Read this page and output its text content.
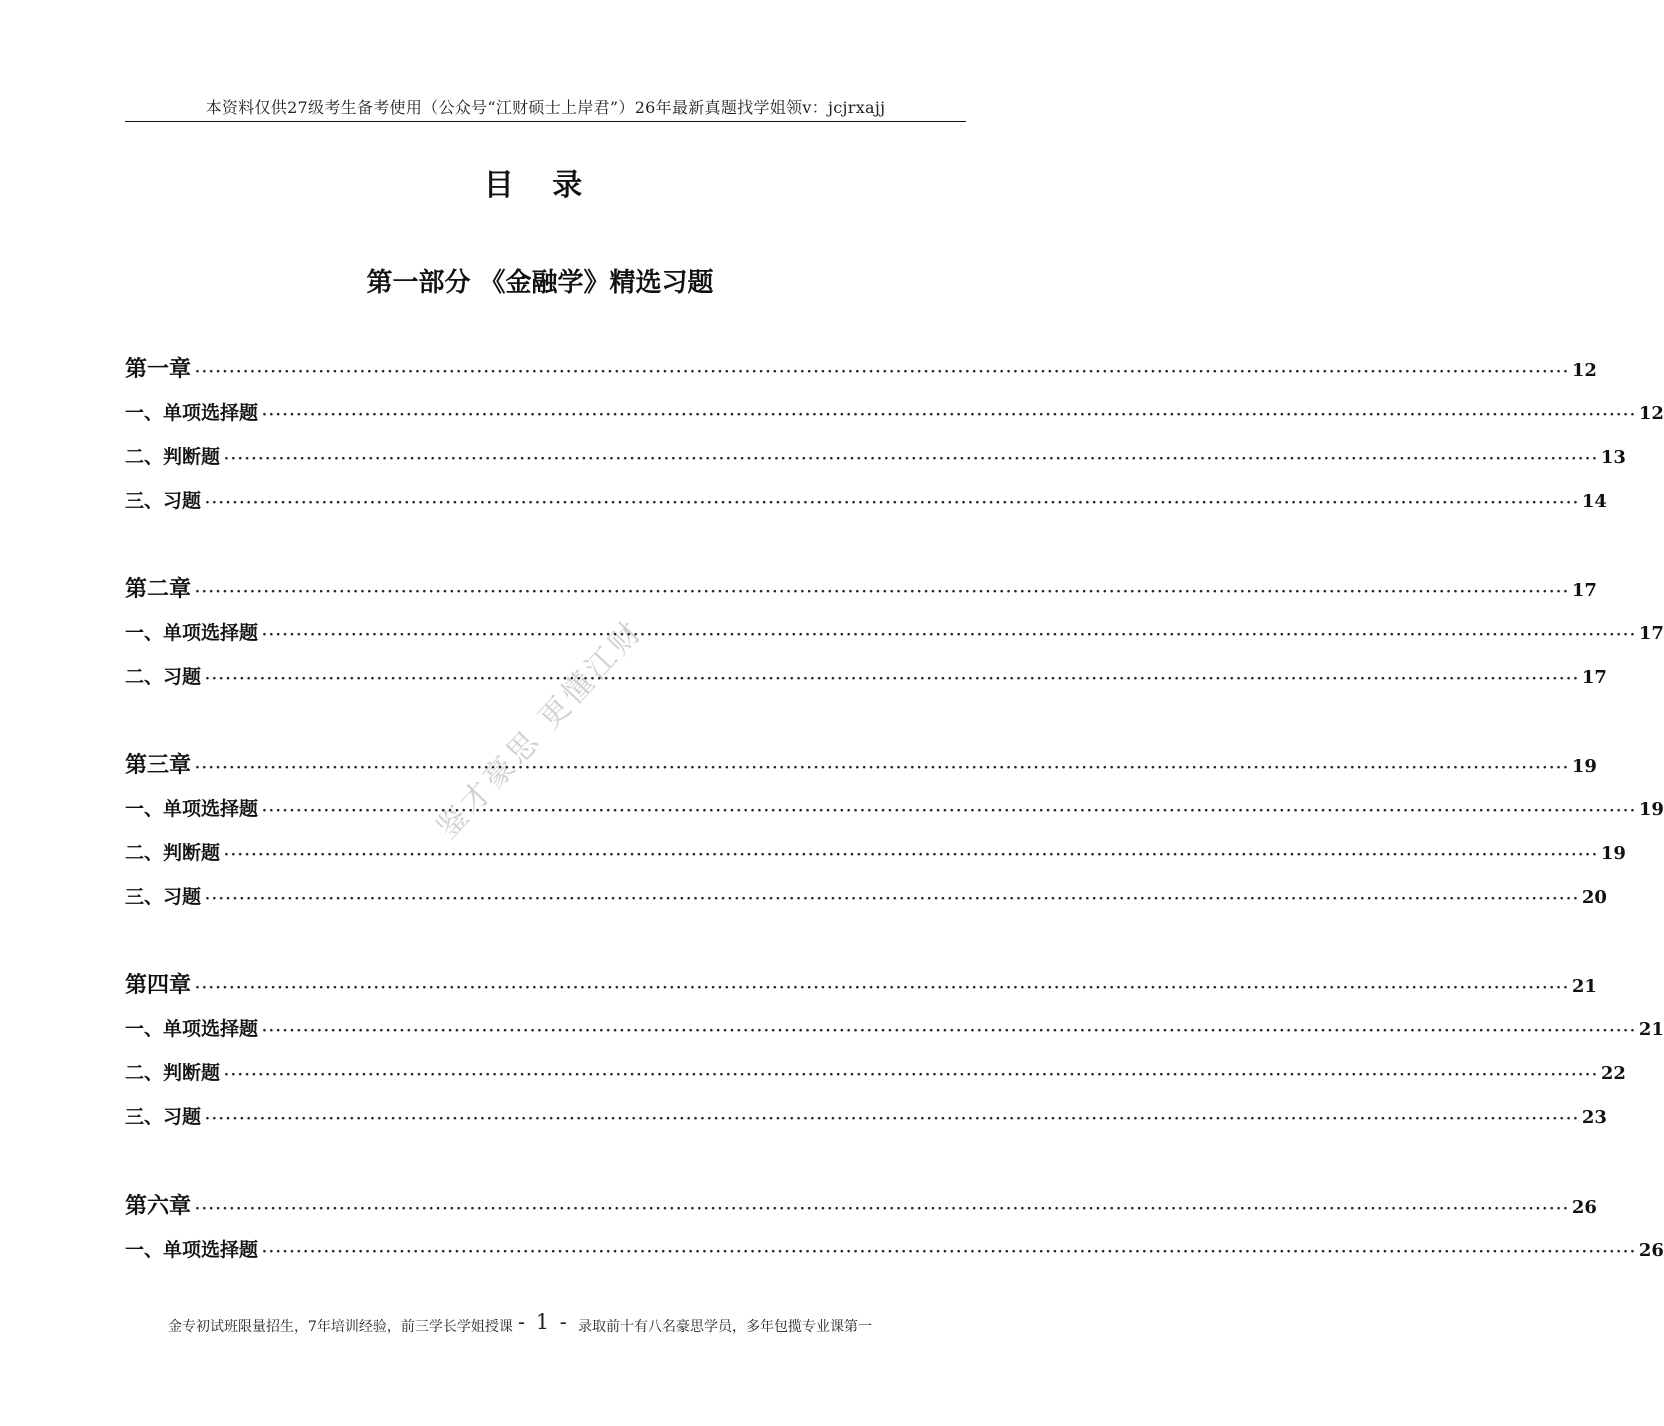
本资料仅供27级考生备考使用（公众号“江财硕士上岸君”）26年最新真题找学姐领v：jcjrxajj
目 录
第一部分 《金融学》精选习题
鉴才豪思 更懂江财
第一章 ········································································································································································································ 12
一、单项选择题 ········································································································································································································ 12
二、判断题 ········································································································································································································ 13
三、习题 ········································································································································································································ 14
第二章 ········································································································································································································ 17
一、单项选择题 ········································································································································································································ 17
二、习题 ········································································································································································································ 17
第三章 ········································································································································································································ 19
一、单项选择题 ········································································································································································································ 19
二、判断题 ········································································································································································································ 19
三、习题 ········································································································································································································ 20
第四章 ········································································································································································································ 21
一、单项选择题 ········································································································································································································ 21
二、判断题 ········································································································································································································ 22
三、习题 ········································································································································································································ 23
第六章 ········································································································································································································ 26
一、单项选择题 ········································································································································································································ 26
金专初试班限量招生，7年培训经验，前三学长学姐授课 - 1 - 录取前十有八名豪思学员，多年包揽专业课第一
